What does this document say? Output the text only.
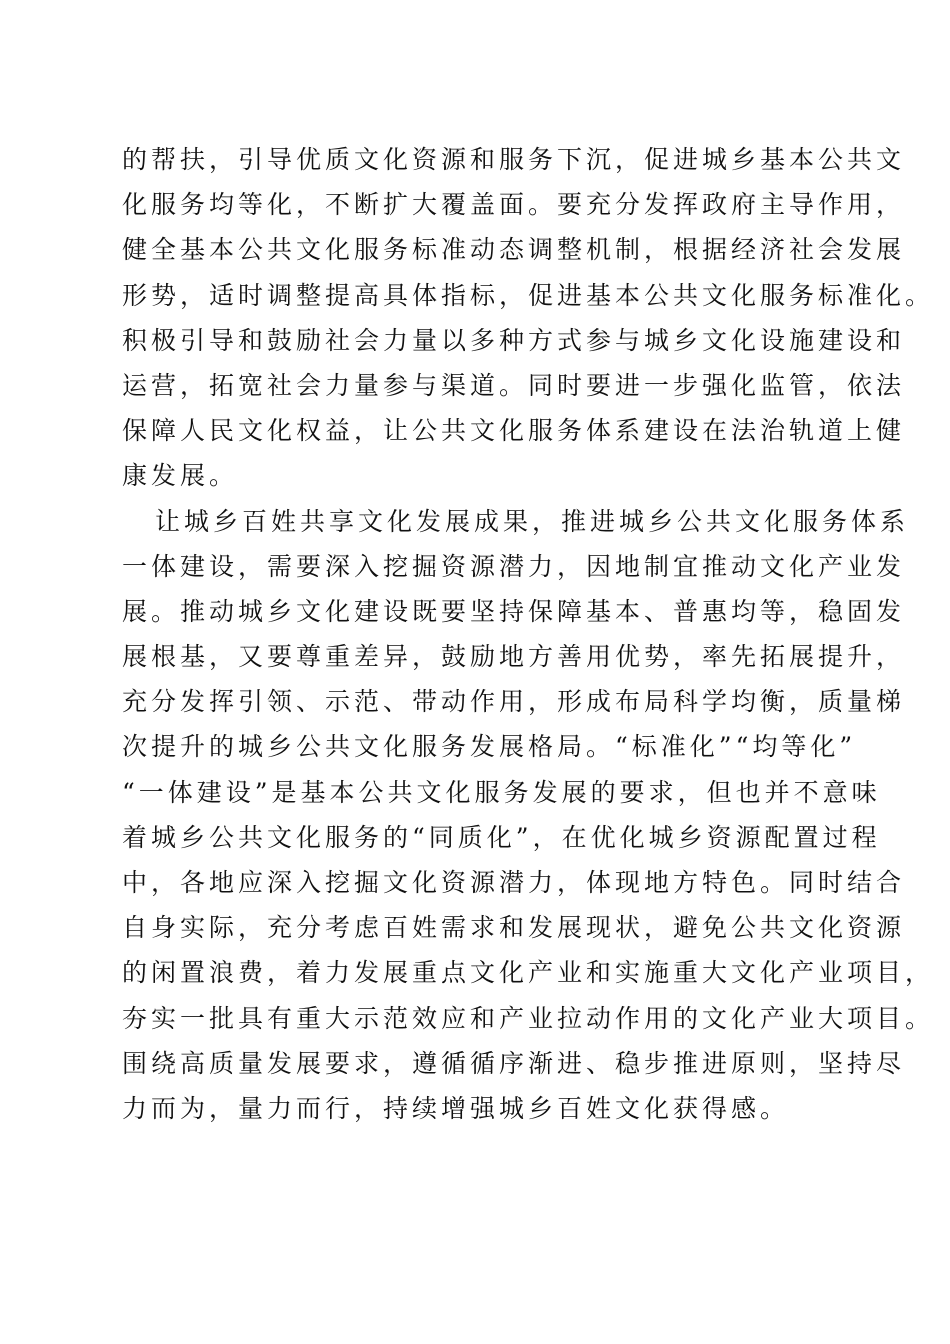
的帮扶，引导优质文化资源和服务下沉，促进城乡基本公共文
化服务均等化，不断扩大覆盖面。要充分发挥政府主导作用，
健全基本公共文化服务标准动态调整机制，根据经济社会发展
形势，适时调整提高具体指标，促进基本公共文化服务标准化。
积极引导和鼓励社会力量以多种方式参与城乡文化设施建设和
运营，拓宽社会力量参与渠道。同时要进一步强化监管，依法
保障人民文化权益，让公共文化服务体系建设在法治轨道上健
康发展。
让城乡百姓共享文化发展成果，推进城乡公共文化服务体系
一体建设，需要深入挖掘资源潜力，因地制宜推动文化产业发
展。推动城乡文化建设既要坚持保障基本、普惠均等，稳固发
展根基，又要尊重差异，鼓励地方善用优势，率先拓展提升，
充分发挥引领、示范、带动作用，形成布局科学均衡，质量梯
次提升的城乡公共文化服务发展格局。“标准化”“均等化”
“一体建设”是基本公共文化服务发展的要求，但也并不意味
着城乡公共文化服务的“同质化”，在优化城乡资源配置过程
中，各地应深入挖掘文化资源潜力，体现地方特色。同时结合
自身实际，充分考虑百姓需求和发展现状，避免公共文化资源
的闲置浪费，着力发展重点文化产业和实施重大文化产业项目，
夯实一批具有重大示范效应和产业拉动作用的文化产业大项目。
围绕高质量发展要求，遵循循序渐进、稳步推进原则，坚持尽
力而为，量力而行，持续增强城乡百姓文化获得感。
